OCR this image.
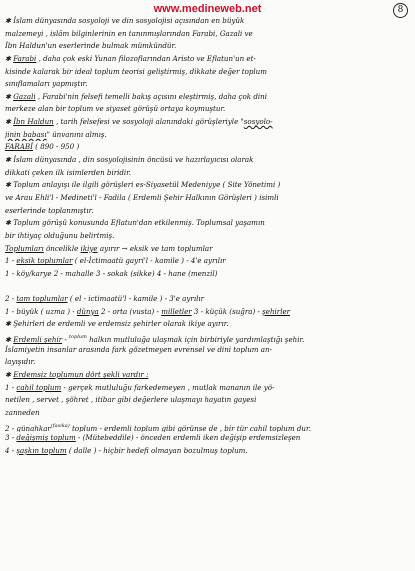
www.medineweb.net	8
✱ İslam dünyasında sosyoloji ve din sosyolojisi açısından en büyük
malzemeyi , islâm bilginlerinin en tanınmışlarından Farabi, Gazali ve
İbn Haldun'un eserlerinde bulmak mümkündür.
✱ Farabi , daha çok eski Yunan filozoflarından Aristo ve Eflatun'un et-
kisinde kalarak bir ideal toplum teorisi geliştirmiş, dikkate değer toplum
sınıflamaları yapmıştır.
✱ Gazali , Farabi'nin felsefi temelli bakış açısını eleştirmiş, daha çok dini
merkeze alan bir toplum ve siyaset görüşü ortaya koymuştur.
✱ İbn Haldun , tarih felsefesi ve sosyoloji alanındaki görüşleriyle "sosyolo-
jinin babası" ünvanını almış.
FARABİ ( 890 - 950 )
✱ İslam dünyasında , din sosyolojisinin öncüsü ve hazırlayıcısı olarak
dikkati çeken ilk isimlerden biridir.
✱ Toplum anlayışı ile ilgili görüşleri es-Siyasetül Medeniyye ( Site Yönetimi )
ve Arau Ehli'l - Medineti'l - Fadila ( Erdemli Şehir Halkının Görüşleri ) isimli
eserlerinde toplanmıştır.
✱ Toplum görüşü konusunda Eflatun'dan etkilenmiş. Toplumsal yaşamın
bir ihtiyaç olduğunu belirtmiş.
Toplumları öncelikle ikiye ayırır → eksik ve tam toplumlar
1 - eksik toplumlar ( el-İctimaatü gayri'l - kamile ) - 4'e ayrılır
1 - köy/karye 2 - mahalle 3 - sokak (sikke) 4 - hane (menzil)
2 - tam toplumlar ( el - ictimaatü'l - kamile ) - 3'e ayrılır
1 - büyük ( uzma ) - dünya 2 - orta (vusta) - milletler 3 - küçük (suğra) - şehirler
✱ Şehirleri de erdemli ve erdemsiz şehirler olarak ikiye ayırır.
✱ Erdemli şehir - $^{toplum}$ halkın mutluluğa ulaşmak için birbiriyle yardımlaştığı şehir.
İslamiyetin insanlar arasında fark gözetmeyen evrensel ve dini toplum an-
layışıdır.
✱ Erdemsiz toplumun dört şekli vardır :
1 - cahil toplum - gerçek mutluluğu farkedemeyen , mutlak mananın ile yö-
netilen , servet , şöhret , itibar gibi değerlere ulaşmayı hayatın gayesi
zanneden
2 - günahkar$^{(fasıka)}$ toplum - erdemli toplum gibi görünse de , bir tür cahil toplum dur.
3 - değişmiş toplum - (Mütebeddile) - önceden erdemli iken değişip erdemsizleşen
4 - şaşkın toplum ( dalle ) - hiçbir hedefi olmayan bozulmuş toplum.
